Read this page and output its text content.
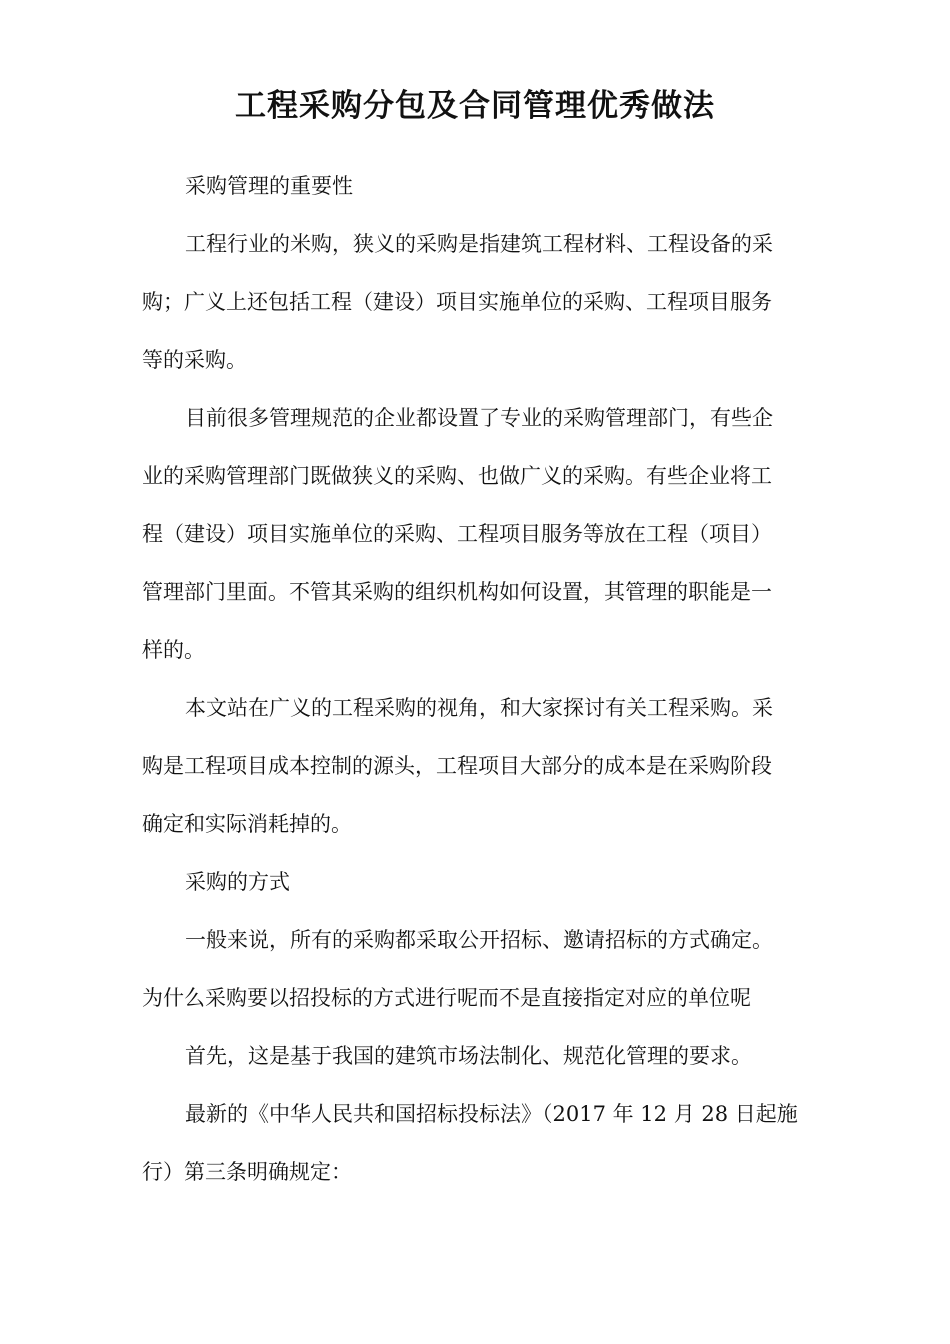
工程采购分包及合同管理优秀做法

采购管理的重要性

工程行业的米购，狭义的采购是指建筑工程材料、工程设备的采

购；广义上还包括工程（建设）项目实施单位的采购、工程项目服务

等的采购。

目前很多管理规范的企业都设置了专业的采购管理部门，有些企

业的采购管理部门既做狭义的采购、也做广义的采购。有些企业将工

程（建设）项目实施单位的采购、工程项目服务等放在工程（项目）

管理部门里面。不管其采购的组织机构如何设置，其管理的职能是一

样的。

本文站在广义的工程采购的视角，和大家探讨有关工程采购。采

购是工程项目成本控制的源头，工程项目大部分的成本是在采购阶段

确定和实际消耗掉的。

采购的方式

一般来说，所有的采购都采取公开招标、邀请招标的方式确定。

为什么采购要以招投标的方式进行呢而不是直接指定对应的单位呢

首先，这是基于我国的建筑市场法制化、规范化管理的要求。

最新的《中华人民共和国招标投标法》（2017 年 12 月 28 日起施

行）第三条明确规定：
